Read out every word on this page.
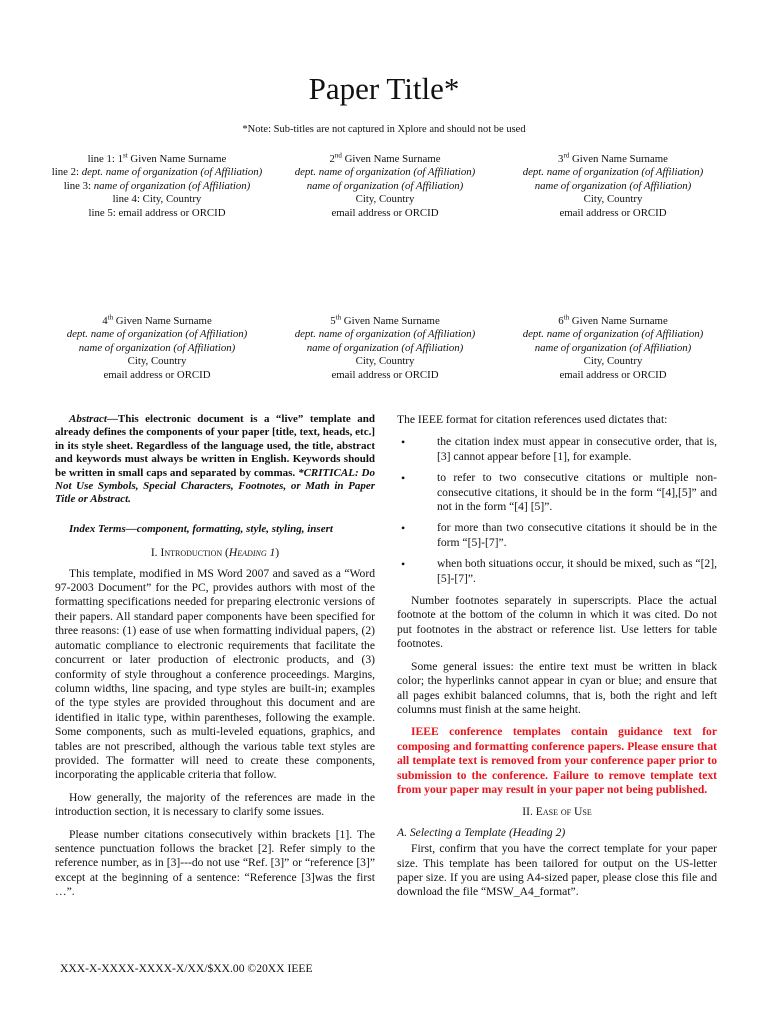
Paper Title*
*Note: Sub-titles are not captured in Xplore and should not be used
line 1: 1st Given Name Surname
line 2: dept. name of organization (of Affiliation)
line 3: name of organization (of Affiliation)
line 4: City, Country
line 5: email address or ORCID
2nd Given Name Surname
dept. name of organization (of Affiliation)
name of organization (of Affiliation)
City, Country
email address or ORCID
3rd Given Name Surname
dept. name of organization (of Affiliation)
name of organization (of Affiliation)
City, Country
email address or ORCID
4th Given Name Surname
dept. name of organization (of Affiliation)
name of organization (of Affiliation)
City, Country
email address or ORCID
5th Given Name Surname
dept. name of organization (of Affiliation)
name of organization (of Affiliation)
City, Country
email address or ORCID
6th Given Name Surname
dept. name of organization (of Affiliation)
name of organization (of Affiliation)
City, Country
email address or ORCID

Abstract—This electronic document is a “live” template and already defines the components of your paper [title, text, heads, etc.] in its style sheet. Regardless of the language used, the title, abstract and keywords must always be written in English. Keywords should be written in small caps and separated by commas. *CRITICAL: Do Not Use Symbols, Special Characters, Footnotes, or Math in Paper Title or Abstract.

Index Terms—component, formatting, style, styling, insert

I. Introduction (Heading 1)

This template, modified in MS Word 2007 and saved as a “Word 97-2003 Document” for the PC, provides authors with most of the formatting specifications needed for preparing electronic versions of their papers. All standard paper components have been specified for three reasons: (1) ease of use when formatting individual papers, (2) automatic compliance to electronic requirements that facilitate the concurrent or later production of electronic products, and (3) conformity of style throughout a conference proceedings. Margins, column widths, line spacing, and type styles are built-in; examples of the type styles are provided throughout this document and are identified in italic type, within parentheses, following the example. Some components, such as multi-leveled equations, graphics, and tables are not prescribed, although the various table text styles are provided. The formatter will need to create these components, incorporating the applicable criteria that follow.

How generally, the majority of the references are made in the introduction section, it is necessary to clarify some issues.

Please number citations consecutively within brackets [1]. The sentence punctuation follows the bracket [2]. Refer simply to the reference number, as in [3]---do not use “Ref. [3]” or “reference [3]” except at the beginning of a sentence: “Reference [3]was the first …”.

The IEEE format for citation references used dictates that:

•	the citation index must appear in consecutive order, that is, [3] cannot appear before [1], for example.
•	to refer to two consecutive citations or multiple non-consecutive citations, it should be in the form “[4],[5]” and not in the form “[4] [5]”.
•	for more than two consecutive citations it should be in the form “[5]-[7]”.
•	when both situations occur, it should be mixed, such as “[2],[5]-[7]”.

Number footnotes separately in superscripts. Place the actual footnote at the bottom of the column in which it was cited. Do not put footnotes in the abstract or reference list. Use letters for table footnotes.

Some general issues: the entire text must be written in black color; the hyperlinks cannot appear in cyan or blue; and ensure that all pages exhibit balanced columns, that is, both the right and left columns must finish at the same height.

IEEE conference templates contain guidance text for composing and formatting conference papers. Please ensure that all template text is removed from your conference paper prior to submission to the conference. Failure to remove template text from your paper may result in your paper not being published.

II. Ease of Use
A. Selecting a Template (Heading 2)

First, confirm that you have the correct template for your paper size. This template has been tailored for output on the US-letter paper size. If you are using A4-sized paper, please close this file and download the file “MSW_A4_format”.

XXX-X-XXXX-XXXX-X/XX/$XX.00 ©20XX IEEE
